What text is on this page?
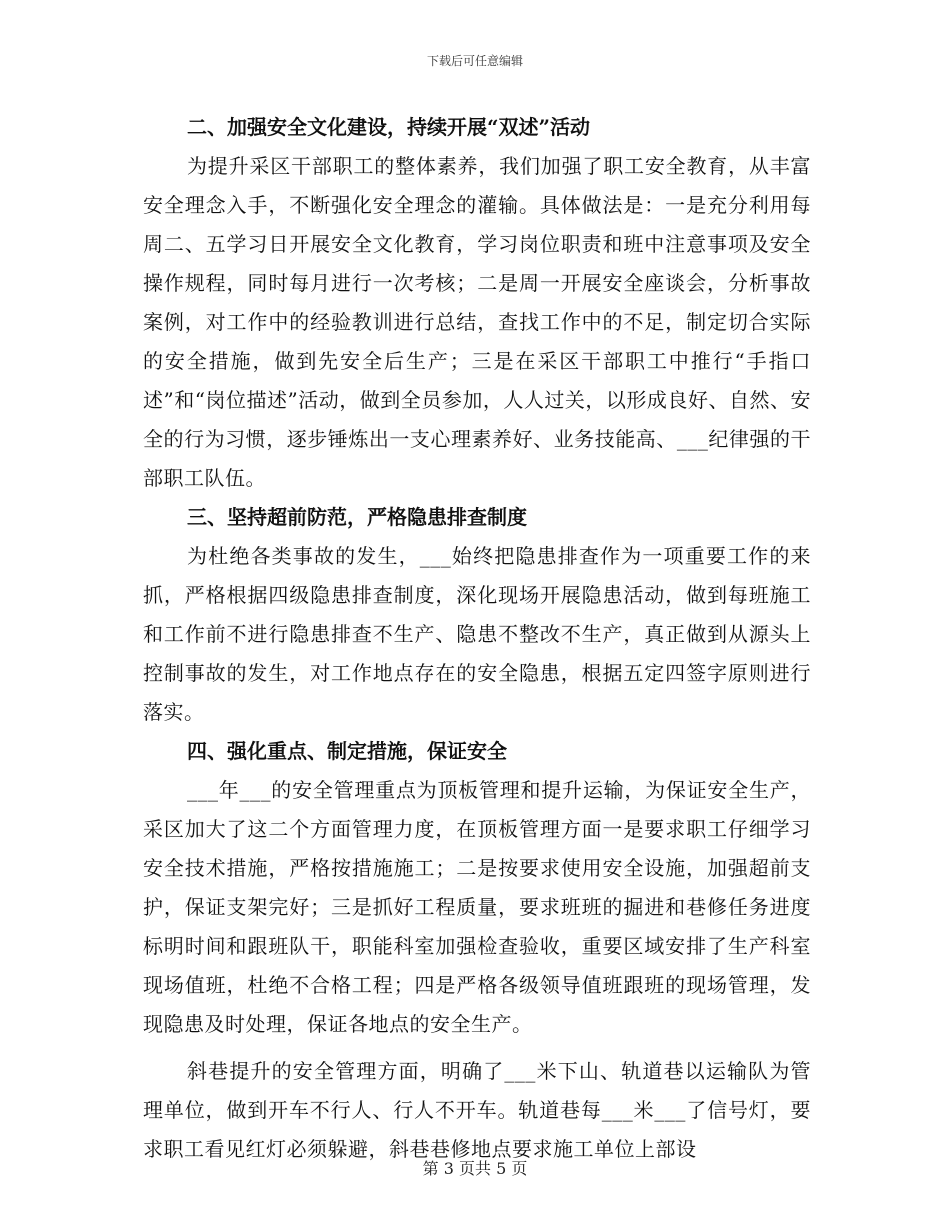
下载后可任意编辑

二、加强安全文化建设，持续开展“双述”活动

为提升采区干部职工的整体素养，我们加强了职工安全教育，从丰富安全理念入手，不断强化安全理念的灌输。具体做法是：一是充分利用每周二、五学习日开展安全文化教育，学习岗位职责和班中注意事项及安全操作规程，同时每月进行一次考核；二是周一开展安全座谈会，分析事故案例，对工作中的经验教训进行总结，查找工作中的不足，制定切合实际的安全措施，做到先安全后生产；三是在采区干部职工中推行“手指口述”和“岗位描述”活动，做到全员参加，人人过关，以形成良好、自然、安全的行为习惯，逐步锤炼出一支心理素养好、业务技能高、___纪律强的干部职工队伍。

三、坚持超前防范，严格隐患排查制度

为杜绝各类事故的发生，___始终把隐患排查作为一项重要工作的来抓，严格根据四级隐患排查制度，深化现场开展隐患活动，做到每班施工和工作前不进行隐患排查不生产、隐患不整改不生产，真正做到从源头上控制事故的发生，对工作地点存在的安全隐患，根据五定四签字原则进行落实。

四、强化重点、制定措施，保证安全

___年___的安全管理重点为顶板管理和提升运输，为保证安全生产，采区加大了这二个方面管理力度，在顶板管理方面一是要求职工仔细学习安全技术措施，严格按措施施工；二是按要求使用安全设施，加强超前支护，保证支架完好；三是抓好工程质量，要求班班的掘进和巷修任务进度标明时间和跟班队干，职能科室加强检查验收，重要区域安排了生产科室现场值班，杜绝不合格工程；四是严格各级领导值班跟班的现场管理，发现隐患及时处理，保证各地点的安全生产。

斜巷提升的安全管理方面，明确了___米下山、轨道巷以运输队为管理单位，做到开车不行人、行人不开车。轨道巷每___米___了信号灯，要求职工看见红灯必须躲避，斜巷巷修地点要求施工单位上部设

第 3 页共 5 页
